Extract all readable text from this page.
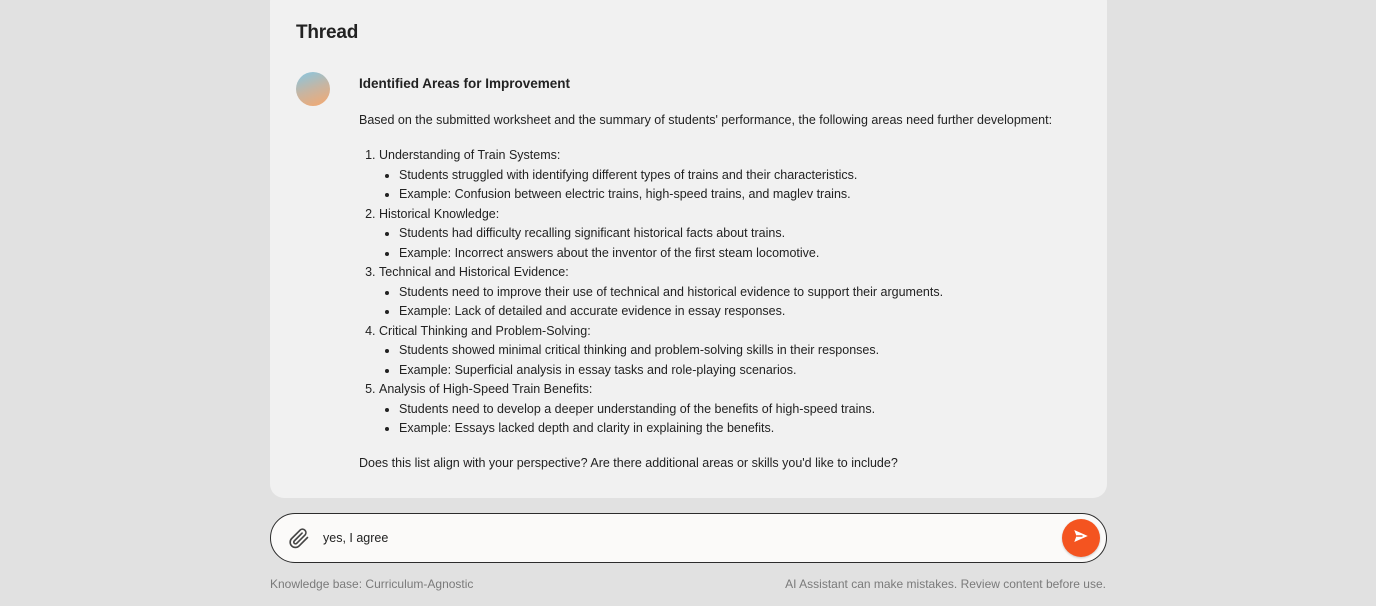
Thread
Identified Areas for Improvement

Based on the submitted worksheet and the summary of students' performance, the following areas need further development:

1. Understanding of Train Systems:
• Students struggled with identifying different types of trains and their characteristics.
• Example: Confusion between electric trains, high-speed trains, and maglev trains.
2. Historical Knowledge:
• Students had difficulty recalling significant historical facts about trains.
• Example: Incorrect answers about the inventor of the first steam locomotive.
3. Technical and Historical Evidence:
• Students need to improve their use of technical and historical evidence to support their arguments.
• Example: Lack of detailed and accurate evidence in essay responses.
4. Critical Thinking and Problem-Solving:
• Students showed minimal critical thinking and problem-solving skills in their responses.
• Example: Superficial analysis in essay tasks and role-playing scenarios.
5. Analysis of High-Speed Train Benefits:
• Students need to develop a deeper understanding of the benefits of high-speed trains.
• Example: Essays lacked depth and clarity in explaining the benefits.

Does this list align with your perspective? Are there additional areas or skills you'd like to include?

yes, I agree
Knowledge base: Curriculum-Agnostic	AI Assistant can make mistakes. Review content before use.
